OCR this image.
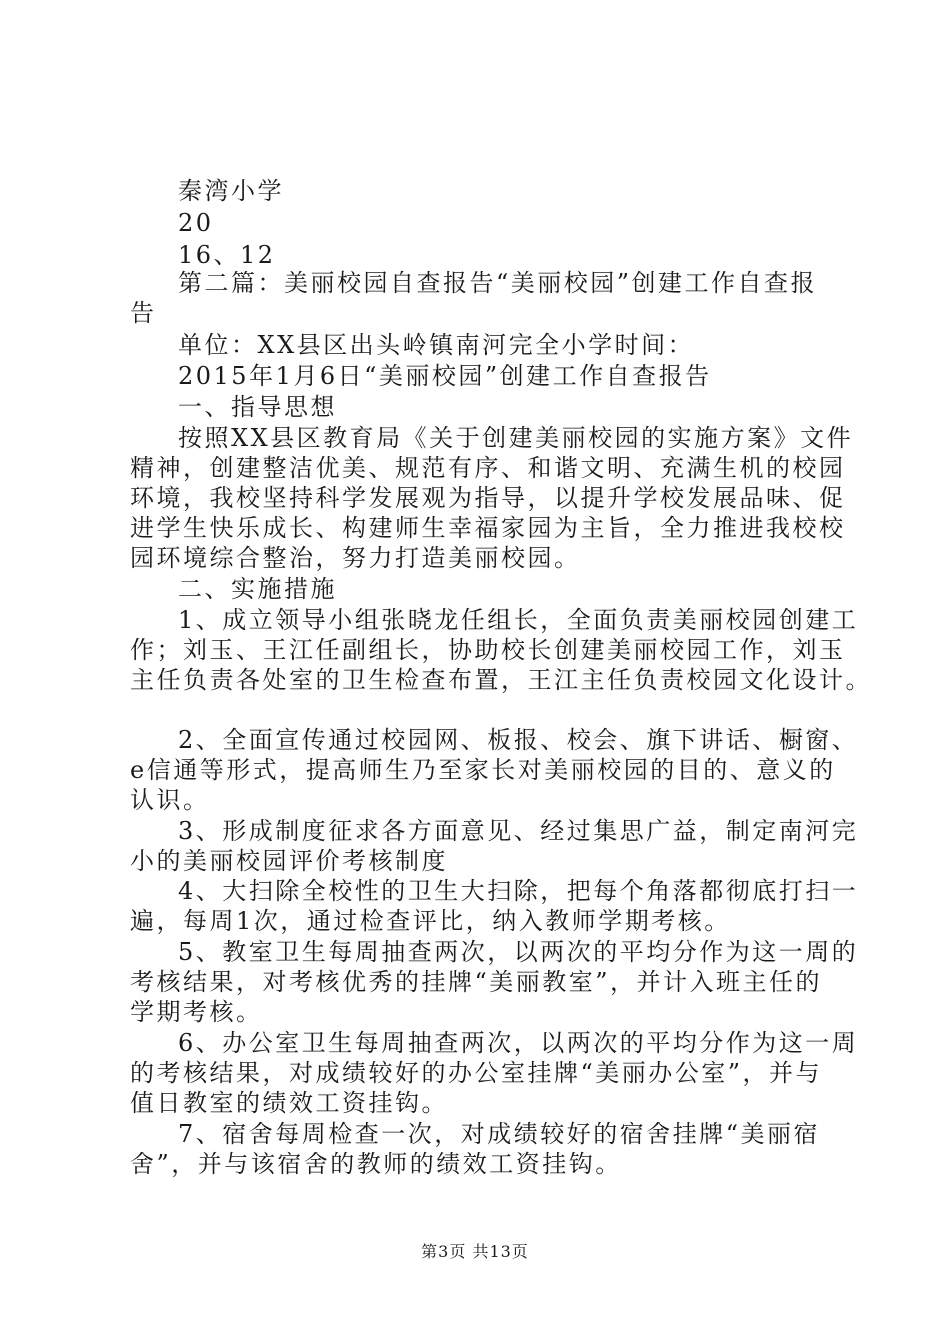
秦湾小学
20
16、12
第二篇：美丽校园自查报告“美丽校园”创建工作自查报
告
单位：XX县区出头岭镇南河完全小学时间：
2015年1月6日“美丽校园”创建工作自查报告
一、指导思想
按照XX县区教育局《关于创建美丽校园的实施方案》文件
精神，创建整洁优美、规范有序、和谐文明、充满生机的校园
环境，我校坚持科学发展观为指导，以提升学校发展品味、促
进学生快乐成长、构建师生幸福家园为主旨，全力推进我校校
园环境综合整治，努力打造美丽校园。
二、实施措施
1、成立领导小组张晓龙任组长，全面负责美丽校园创建工
作；刘玉、王江任副组长，协助校长创建美丽校园工作，刘玉
主任负责各处室的卫生检查布置，王江主任负责校园文化设计。
2、全面宣传通过校园网、板报、校会、旗下讲话、橱窗、
e信通等形式，提高师生乃至家长对美丽校园的目的、意义的
认识。
3、形成制度征求各方面意见、经过集思广益，制定南河完
小的美丽校园评价考核制度
4、大扫除全校性的卫生大扫除，把每个角落都彻底打扫一
遍，每周1次，通过检查评比，纳入教师学期考核。
5、教室卫生每周抽查两次，以两次的平均分作为这一周的
考核结果，对考核优秀的挂牌“美丽教室”，并计入班主任的
学期考核。
6、办公室卫生每周抽查两次，以两次的平均分作为这一周
的考核结果，对成绩较好的办公室挂牌“美丽办公室”，并与
值日教室的绩效工资挂钩。
7、宿舍每周检查一次，对成绩较好的宿舍挂牌“美丽宿
舍”，并与该宿舍的教师的绩效工资挂钩。
第3页 共13页
